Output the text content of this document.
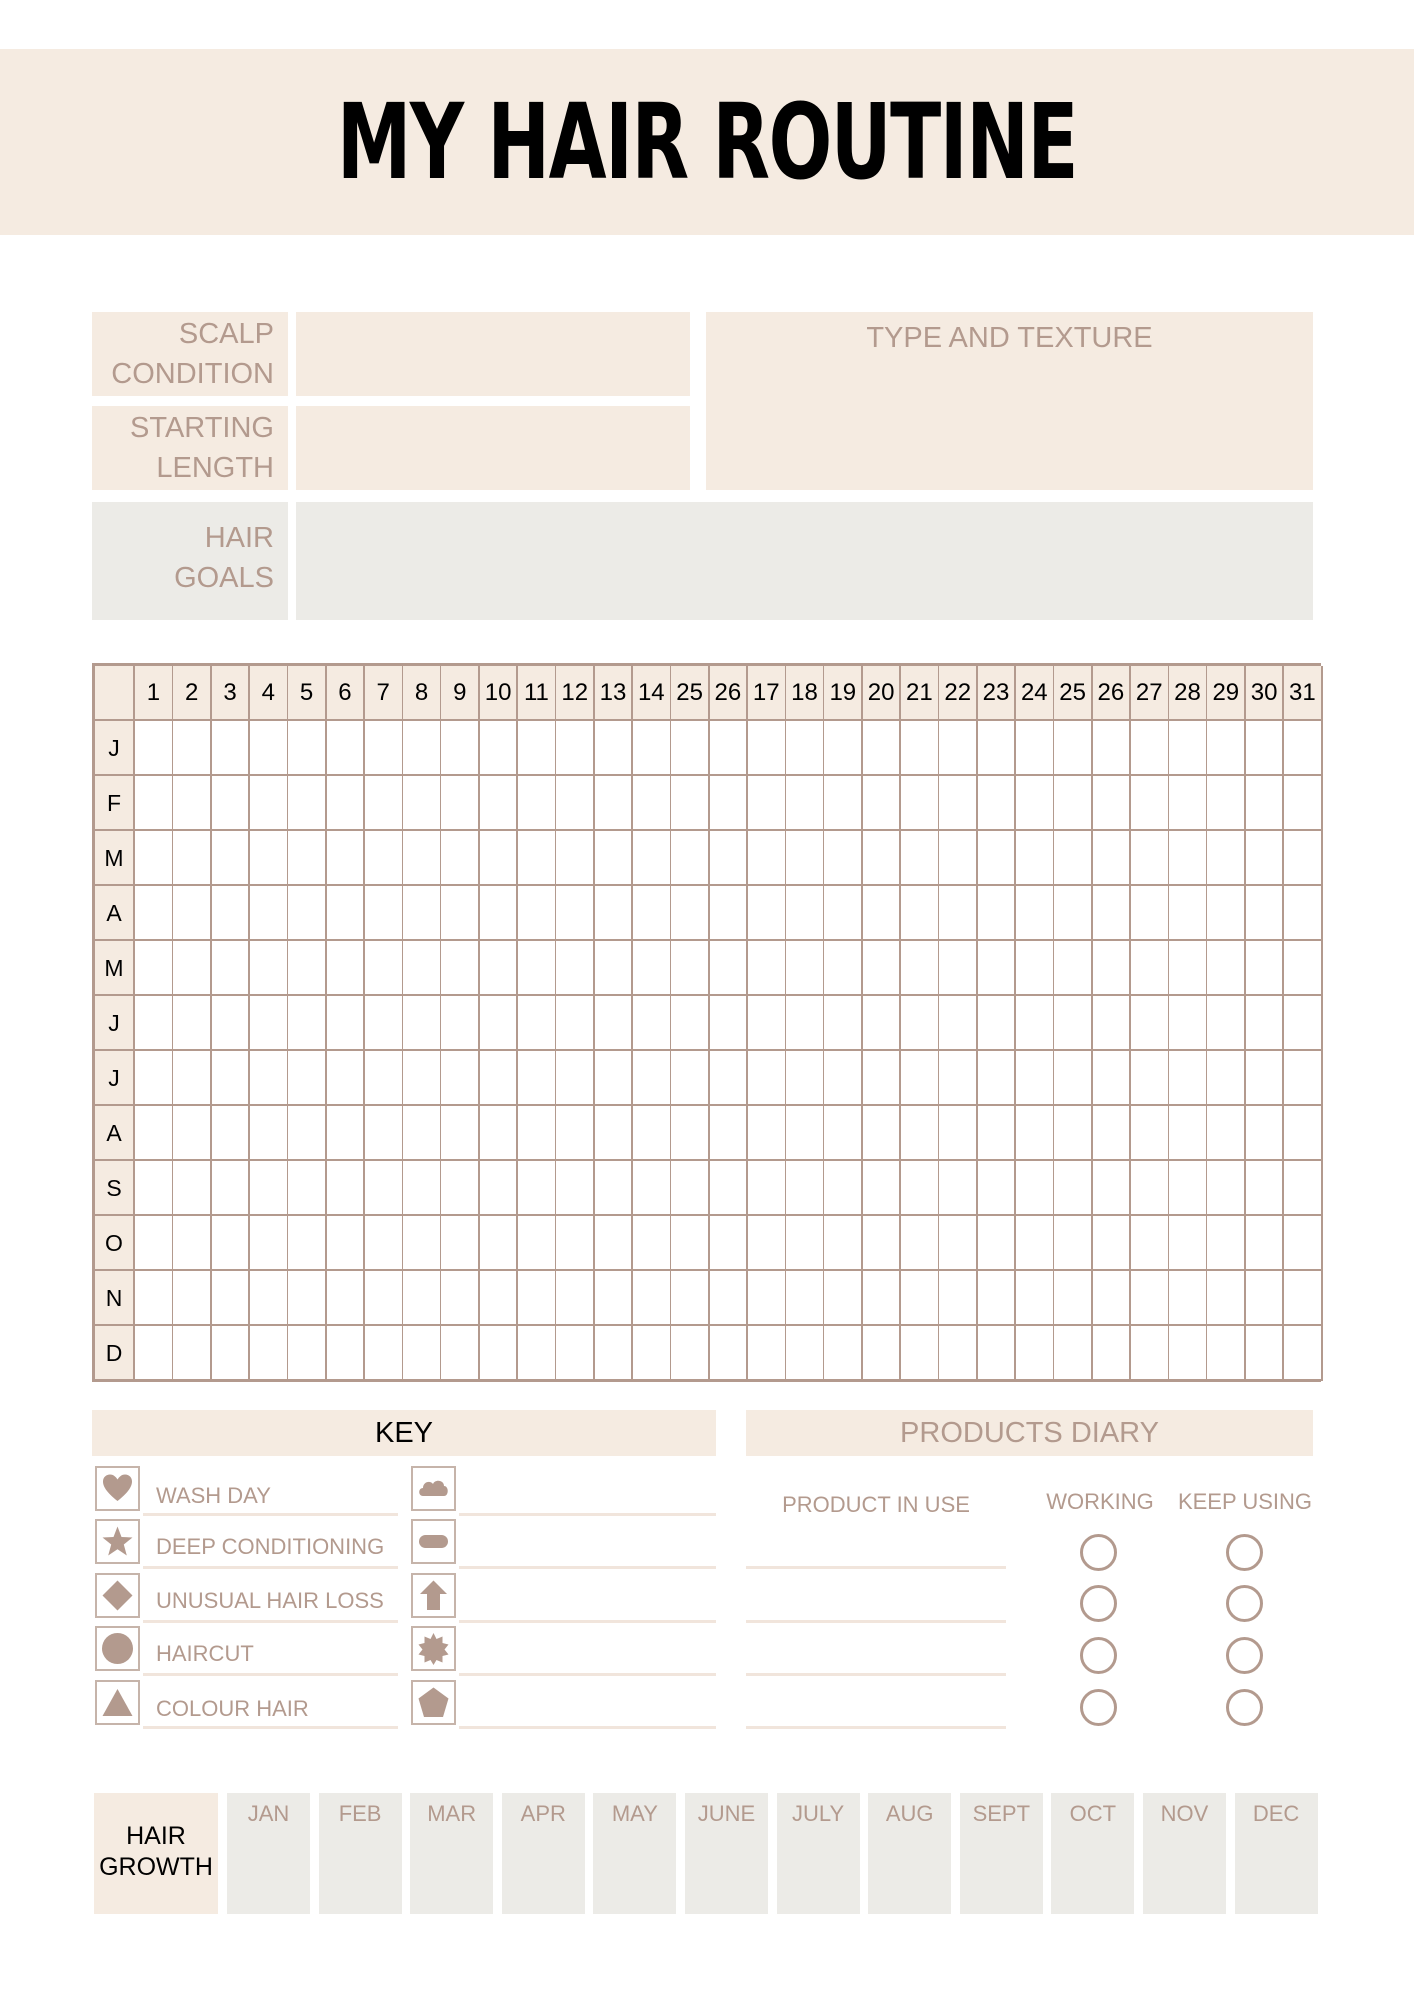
MY HAIR ROUTINE
SCALP
CONDITION
STARTING
LENGTH
TYPE AND TEXTURE
HAIR
GOALS
1	2	3	4	5	6	7	8	9 10 11 12 13 14 25 26 17 18 19 20 21 22 23 24 25 26 27 28 29 30 31
J
F
M
A
M
J
J
A
S
O
N
D
KEY
WASH DAY
DEEP CONDITIONING
UNUSUAL HAIR LOSS
HAIRCUT
COLOUR HAIR
PRODUCTS DIARY
PRODUCT IN USE	WORKING	KEEP USING
HAIR
GROWTH
JAN	FEB	MAR	APR	MAY	JUNE	JULY	AUG	SEPT	OCT	NOV	DEC
